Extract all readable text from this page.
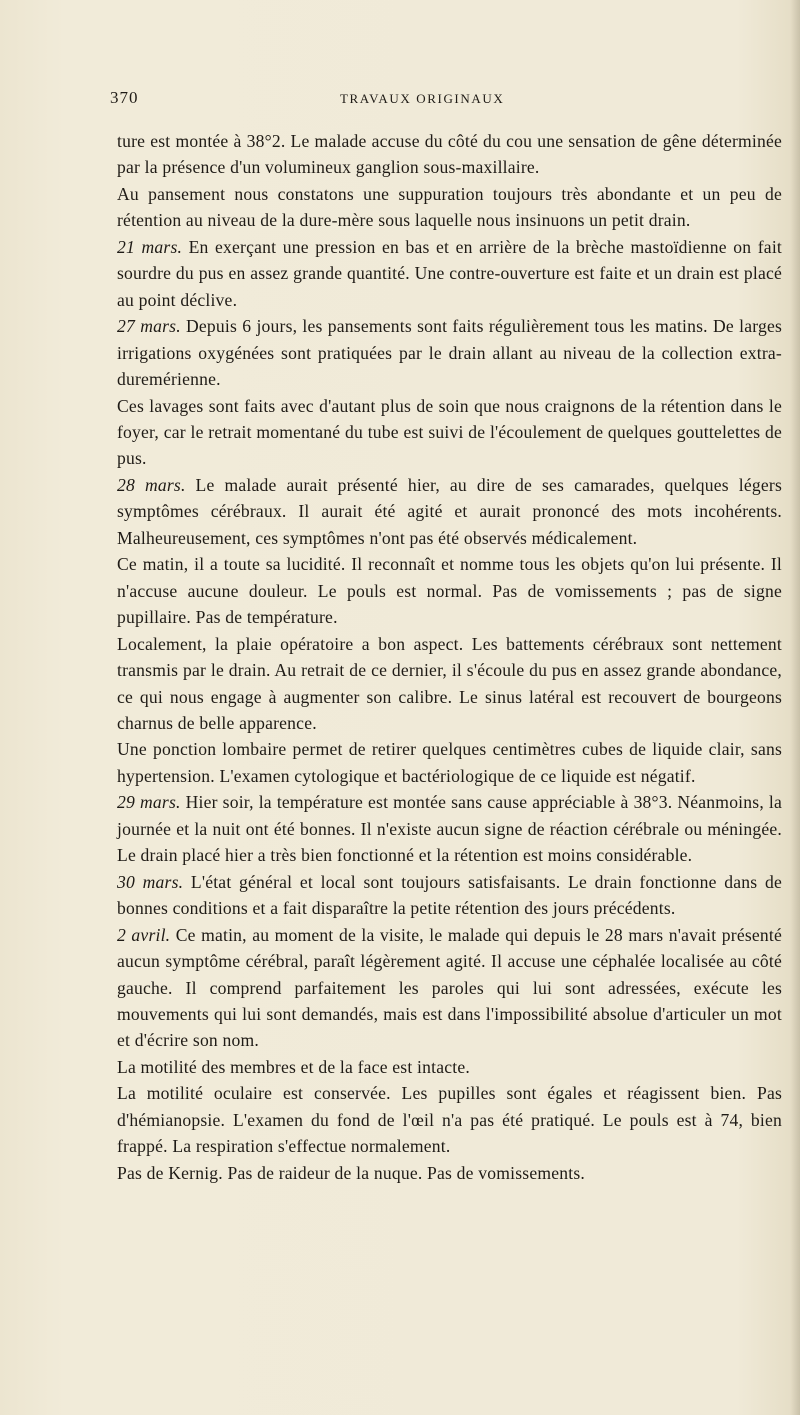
370	TRAVAUX ORIGINAUX

ture est montée à 38°2. Le malade accuse du côté du cou une sensation de gêne déterminée par la présence d'un volumineux ganglion sous-maxillaire.

Au pansement nous constatons une suppuration toujours très abondante et un peu de rétention au niveau de la dure-mère sous laquelle nous insinuons un petit drain.

21 mars. En exerçant une pression en bas et en arrière de la brèche mastoïdienne on fait sourdre du pus en assez grande quantité. Une contre-ouverture est faite et un drain est placé au point déclive.

27 mars. Depuis 6 jours, les pansements sont faits régulièrement tous les matins. De larges irrigations oxygénées sont pratiquées par le drain allant au niveau de la collection extra-duremérienne.

Ces lavages sont faits avec d'autant plus de soin que nous craignons de la rétention dans le foyer, car le retrait momentané du tube est suivi de l'écoulement de quelques gouttelettes de pus.

28 mars. Le malade aurait présenté hier, au dire de ses camarades, quelques légers symptômes cérébraux. Il aurait été agité et aurait prononcé des mots incohérents. Malheureusement, ces symptômes n'ont pas été observés médicalement.

Ce matin, il a toute sa lucidité. Il reconnaît et nomme tous les objets qu'on lui présente. Il n'accuse aucune douleur. Le pouls est normal. Pas de vomissements ; pas de signe pupillaire. Pas de température.

Localement, la plaie opératoire a bon aspect. Les battements cérébraux sont nettement transmis par le drain. Au retrait de ce dernier, il s'écoule du pus en assez grande abondance, ce qui nous engage à augmenter son calibre. Le sinus latéral est recouvert de bourgeons charnus de belle apparence.

Une ponction lombaire permet de retirer quelques centimètres cubes de liquide clair, sans hypertension. L'examen cytologique et bactériologique de ce liquide est négatif.

29 mars. Hier soir, la température est montée sans cause appréciable à 38°3. Néanmoins, la journée et la nuit ont été bonnes. Il n'existe aucun signe de réaction cérébrale ou méningée. Le drain placé hier a très bien fonctionné et la rétention est moins considérable.

30 mars. L'état général et local sont toujours satisfaisants. Le drain fonctionne dans de bonnes conditions et a fait disparaître la petite rétention des jours précédents.

2 avril. Ce matin, au moment de la visite, le malade qui depuis le 28 mars n'avait présenté aucun symptôme cérébral, paraît légèrement agité. Il accuse une céphalée localisée au côté gauche. Il comprend parfaitement les paroles qui lui sont adressées, exécute les mouvements qui lui sont demandés, mais est dans l'impossibilité absolue d'articuler un mot et d'écrire son nom.

La motilité des membres et de la face est intacte.

La motilité oculaire est conservée. Les pupilles sont égales et réagissent bien. Pas d'hémianopsie. L'examen du fond de l'œil n'a pas été pratiqué. Le pouls est à 74, bien frappé. La respiration s'effectue normalement.

Pas de Kernig. Pas de raideur de la nuque. Pas de vomissements.
